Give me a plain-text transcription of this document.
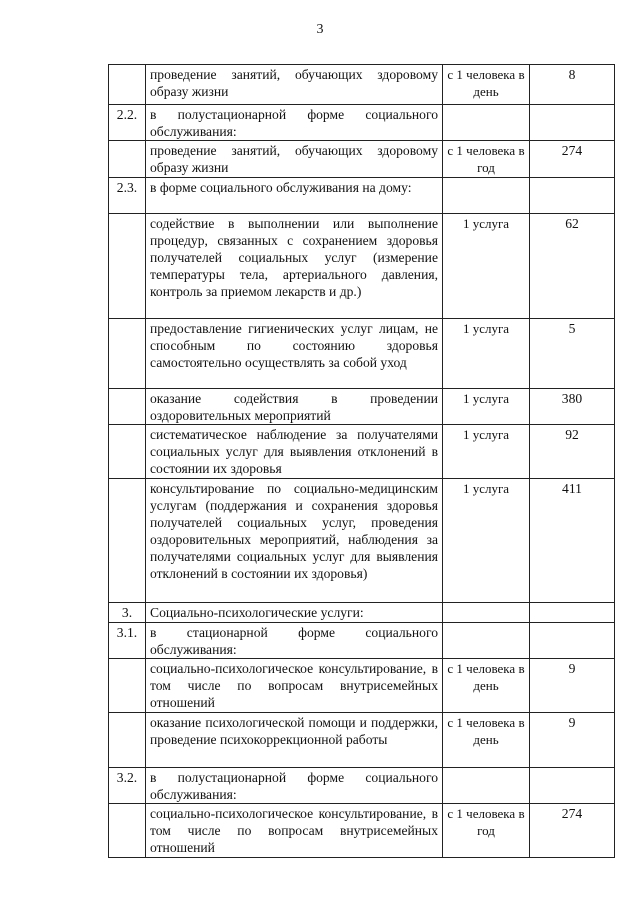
3
	проведение занятий, обучающих здоровому образу жизни	с 1 человека в день	8
2.2.	в полустационарной форме социального обслуживания:		
	проведение занятий, обучающих здоровому образу жизни	с 1 человека в год	274
2.3.	в форме социального обслуживания на дому:		
	содействие в выполнении или выполнение процедур, связанных с сохранением здоровья получателей социальных услуг (измерение температуры тела, артериального давления, контроль за приемом лекарств и др.)	1 услуга	62
	предоставление гигиенических услуг лицам, не способным по состоянию здоровья самостоятельно осуществлять за собой уход	1 услуга	5
	оказание содействия в проведении оздоровительных мероприятий	1 услуга	380
	систематическое наблюдение за получателями социальных услуг для выявления отклонений в состоянии их здоровья	1 услуга	92
	консультирование по социально-медицинским услугам (поддержания и сохранения здоровья получателей социальных услуг, проведения оздоровительных мероприятий, наблюдения за получателями социальных услуг для выявления отклонений в состоянии их здоровья)	1 услуга	411
3.	Социально-психологические услуги:		
3.1.	в стационарной форме социального обслуживания:		
	социально-психологическое консультирование, в том числе по вопросам внутрисемейных отношений	с 1 человека в день	9
	оказание психологической помощи и поддержки, проведение психокоррекционной работы	с 1 человека в день	9
3.2.	в полустационарной форме социального обслуживания:		
	социально-психологическое консультирование, в том числе по вопросам внутрисемейных отношений	с 1 человека в год	274
